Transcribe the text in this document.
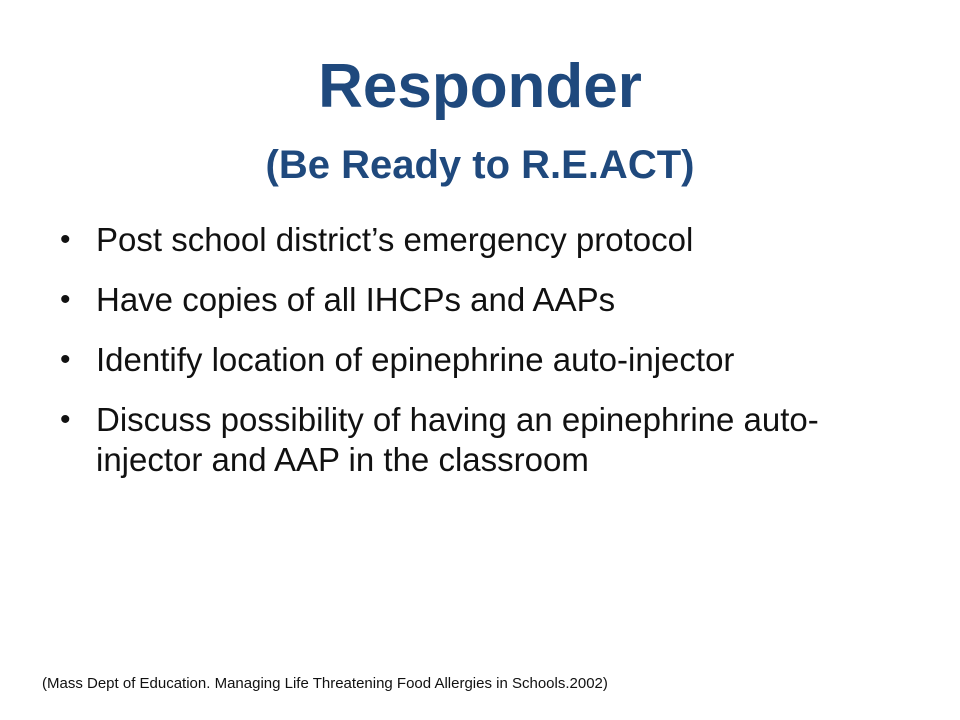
Responder
(Be Ready to R.E.ACT)
• Post school district’s emergency protocol
• Have copies of all IHCPs and AAPs
• Identify location of epinephrine auto-injector
• Discuss possibility of having an epinephrine auto-injector and AAP in the classroom
(Mass Dept of Education. Managing Life Threatening Food Allergies in Schools.2002)
